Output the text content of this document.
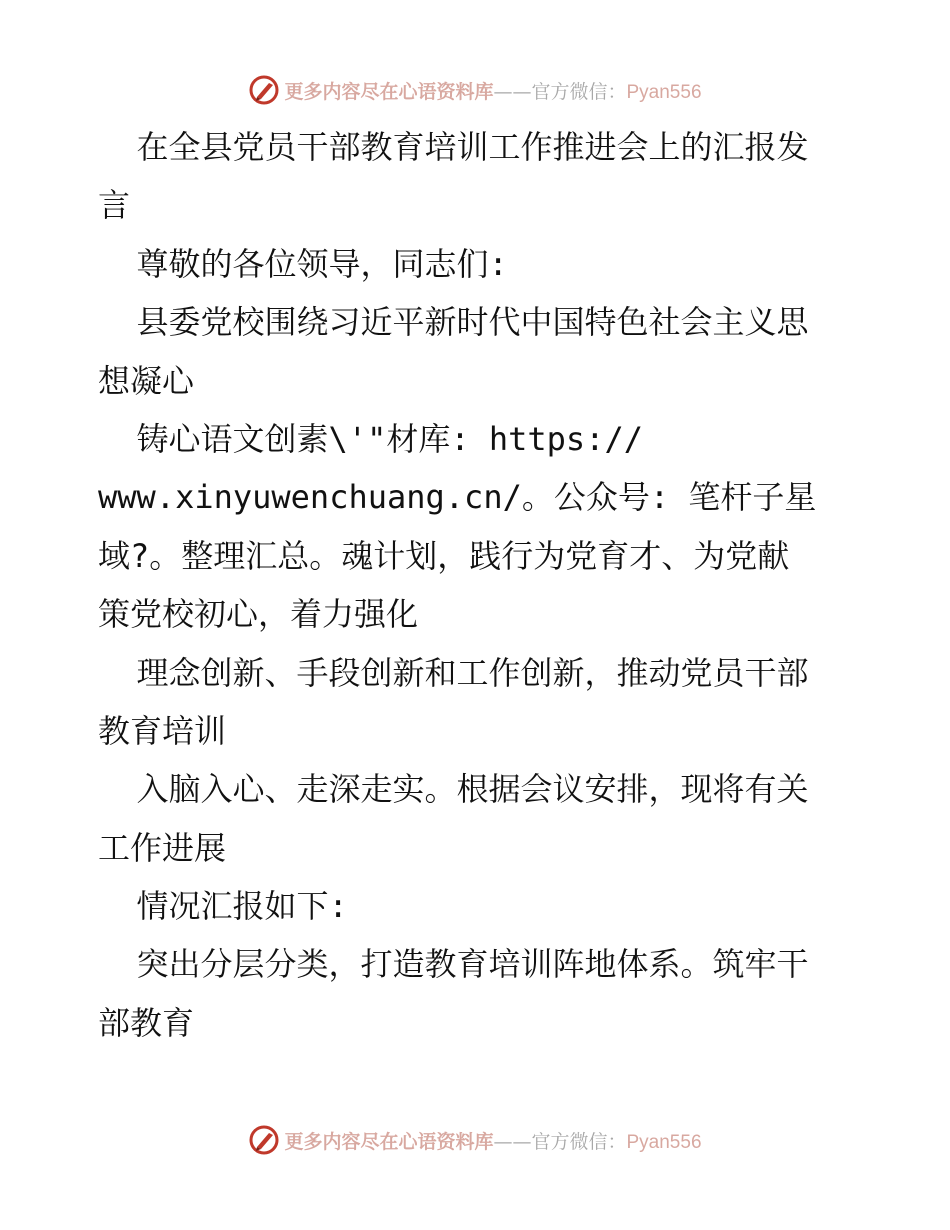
更多内容尽在心语资料库——官方微信：Pyan556
在全县党员干部教育培训工作推进会上的汇报发
言
尊敬的各位领导，同志们:
县委党校围绕习近平新时代中国特色社会主义思
想凝心
铸心语文创素\'"材库: https://
www.xinyuwenchuang.cn/。公众号: 笔杆子星
域?。整理汇总。魂计划，践行为党育才、为党献
策党校初心，着力强化
理念创新、手段创新和工作创新，推动党员干部
教育培训
入脑入心、走深走实。根据会议安排，现将有关
工作进展
情况汇报如下:
突出分层分类，打造教育培训阵地体系。筑牢干
部教育
更多内容尽在心语资料库——官方微信：Pyan556
